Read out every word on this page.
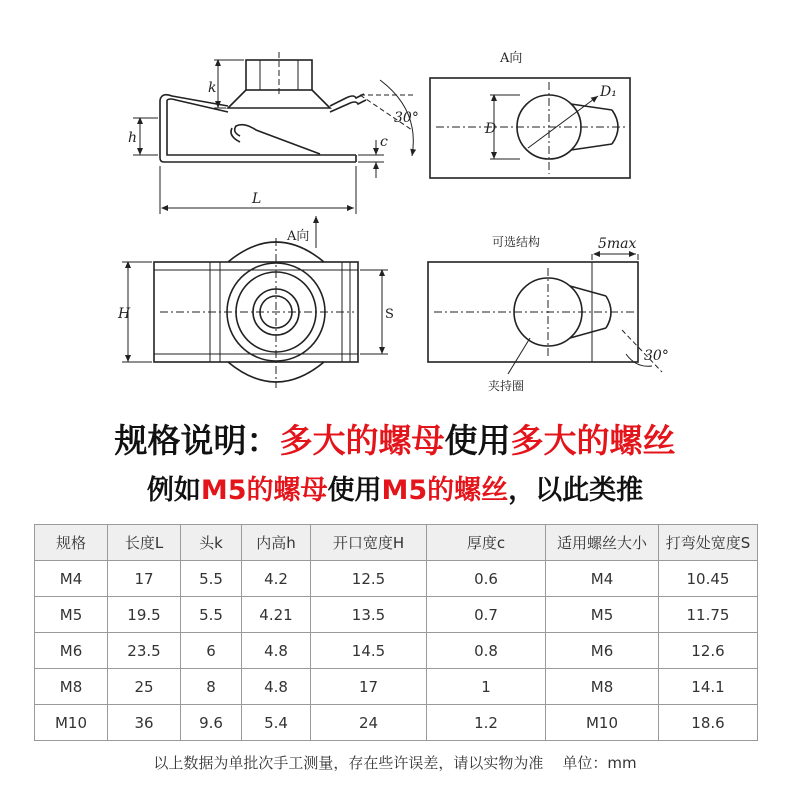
k
h	c
L
30°
A向
D
D₁
A向
H	S
可选结构	5max
30°
夹持圈
规格说明：多大的螺母使用多大的螺丝
例如M5的螺母使用M5的螺丝，以此类推
规格	长度L	头k	内高h	开口宽度H	厚度c	适用螺丝大小	打弯处宽度S
M4	17	5.5	4.2	12.5	0.6	M4	10.45
M5	19.5	5.5	4.21	13.5	0.7	M5	11.75
M6	23.5	6	4.8	14.5	0.8	M6	12.6
M8	25	8	4.8	17	1	M8	14.1
M10	36	9.6	5.4	24	1.2	M10	18.6
以上数据为单批次手工测量，存在些许误差，请以实物为准    单位：mm
